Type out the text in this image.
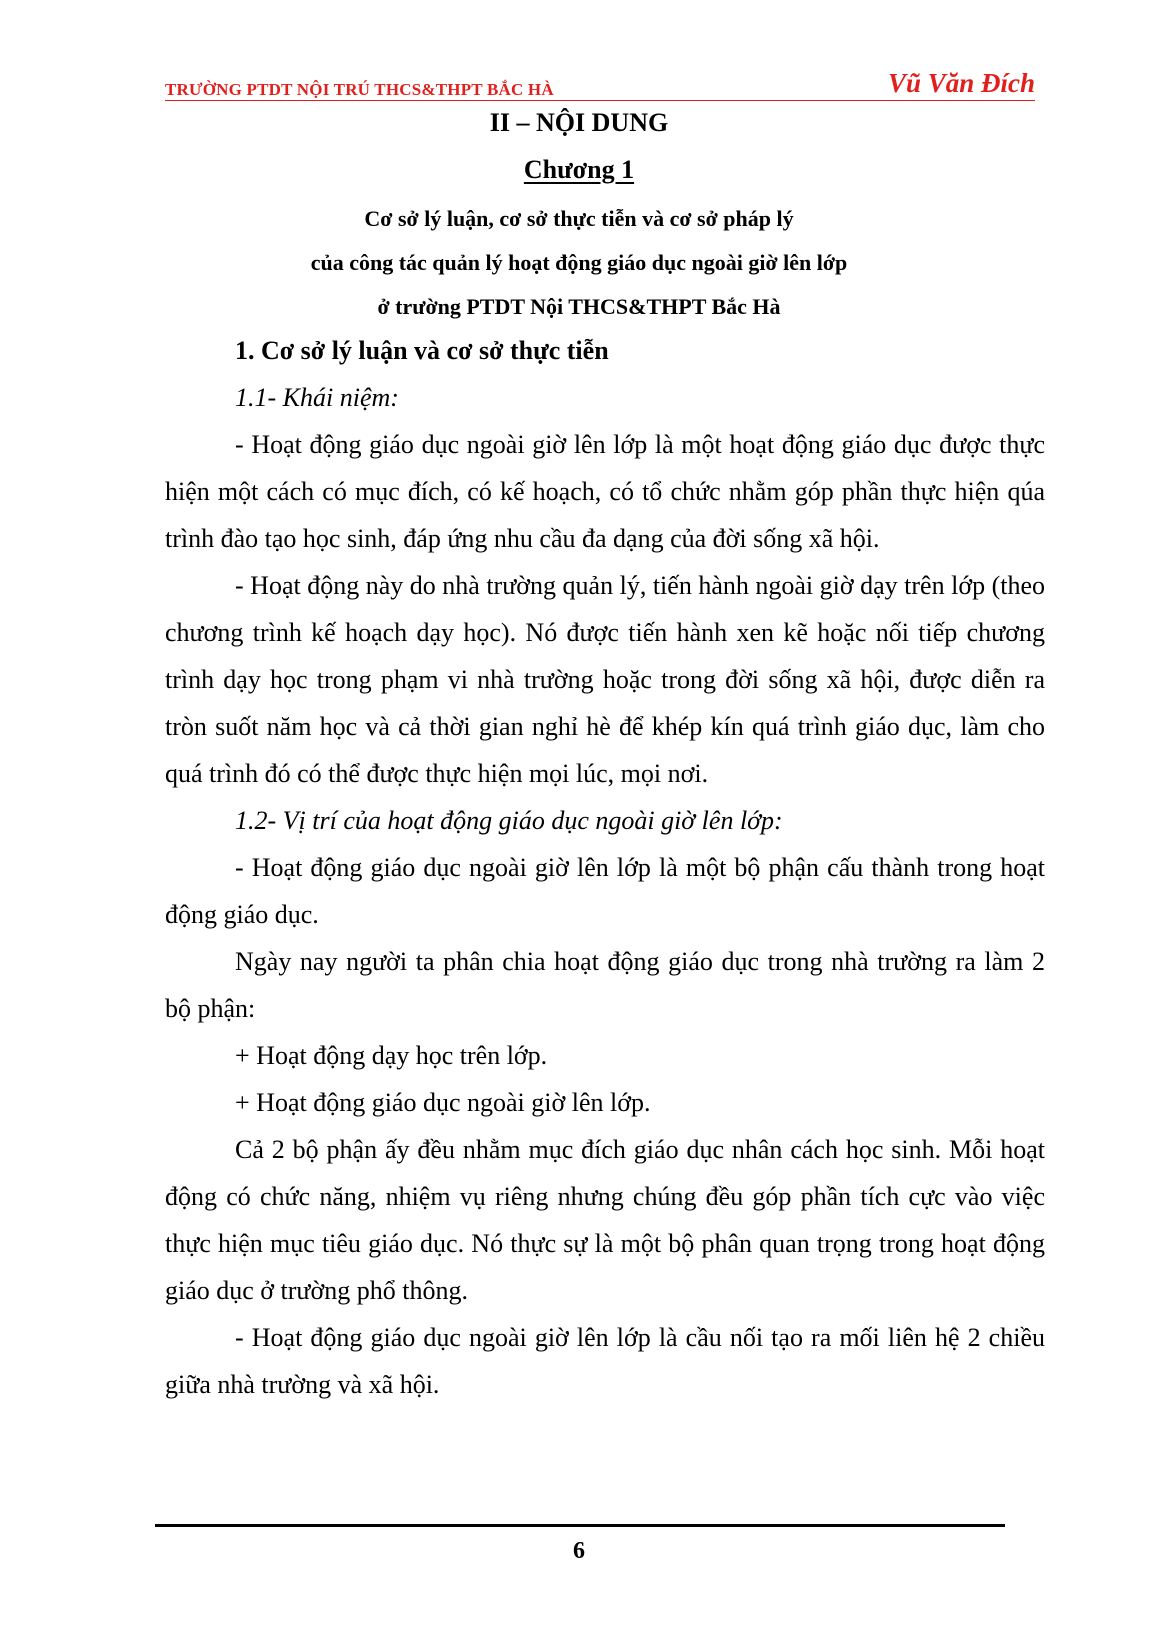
TRƯỜNG PTDT NỘI TRÚ THCS&THPT BẮC HÀ	Vũ Văn Đích
II – NỘI DUNG
Chương 1
Cơ sở lý luận, cơ sở thực tiễn và cơ sở pháp lý
của công tác quản lý hoạt động giáo dục ngoài giờ lên lớp
ở trường PTDT Nội THCS&THPT Bắc Hà

1. Cơ sở lý luận và cơ sở thực tiễn

1.1- Khái niệm:

- Hoạt động giáo dục ngoài giờ lên lớp là một hoạt động giáo dục được thực hiện một cách có mục đích, có kế hoạch, có tổ chức nhằm góp phần thực hiện qúa trình đào tạo học sinh, đáp ứng nhu cầu đa dạng của đời sống xã hội.

- Hoạt động này do nhà trường quản lý, tiến hành ngoài giờ dạy trên lớp (theo chương trình kế hoạch dạy học). Nó được tiến hành xen kẽ hoặc nối tiếp chương trình dạy học trong phạm vi nhà trường hoặc trong đời sống xã hội, được diễn ra tròn suốt năm học và cả thời gian nghỉ hè để khép kín quá trình giáo dục, làm cho quá trình đó có thể được thực hiện mọi lúc, mọi nơi.

1.2- Vị trí của hoạt động giáo dục ngoài giờ lên lớp:

- Hoạt động giáo dục ngoài giờ lên lớp là một bộ phận cấu thành trong hoạt động giáo dục.

Ngày nay người ta phân chia hoạt động giáo dục trong nhà trường ra làm 2 bộ phận:

+ Hoạt động dạy học trên lớp.

+ Hoạt động giáo dục ngoài giờ lên lớp.

Cả 2 bộ phận ấy đều nhằm mục đích giáo dục nhân cách học sinh. Mỗi hoạt động có chức năng, nhiệm vụ riêng nhưng chúng đều góp phần tích cực vào việc thực hiện mục tiêu giáo dục. Nó thực sự là một bộ phân quan trọng trong hoạt động giáo dục ở trường phổ thông.

- Hoạt động giáo dục ngoài giờ lên lớp là cầu nối tạo ra mối liên hệ 2 chiều giữa nhà trường và xã hội.

6
